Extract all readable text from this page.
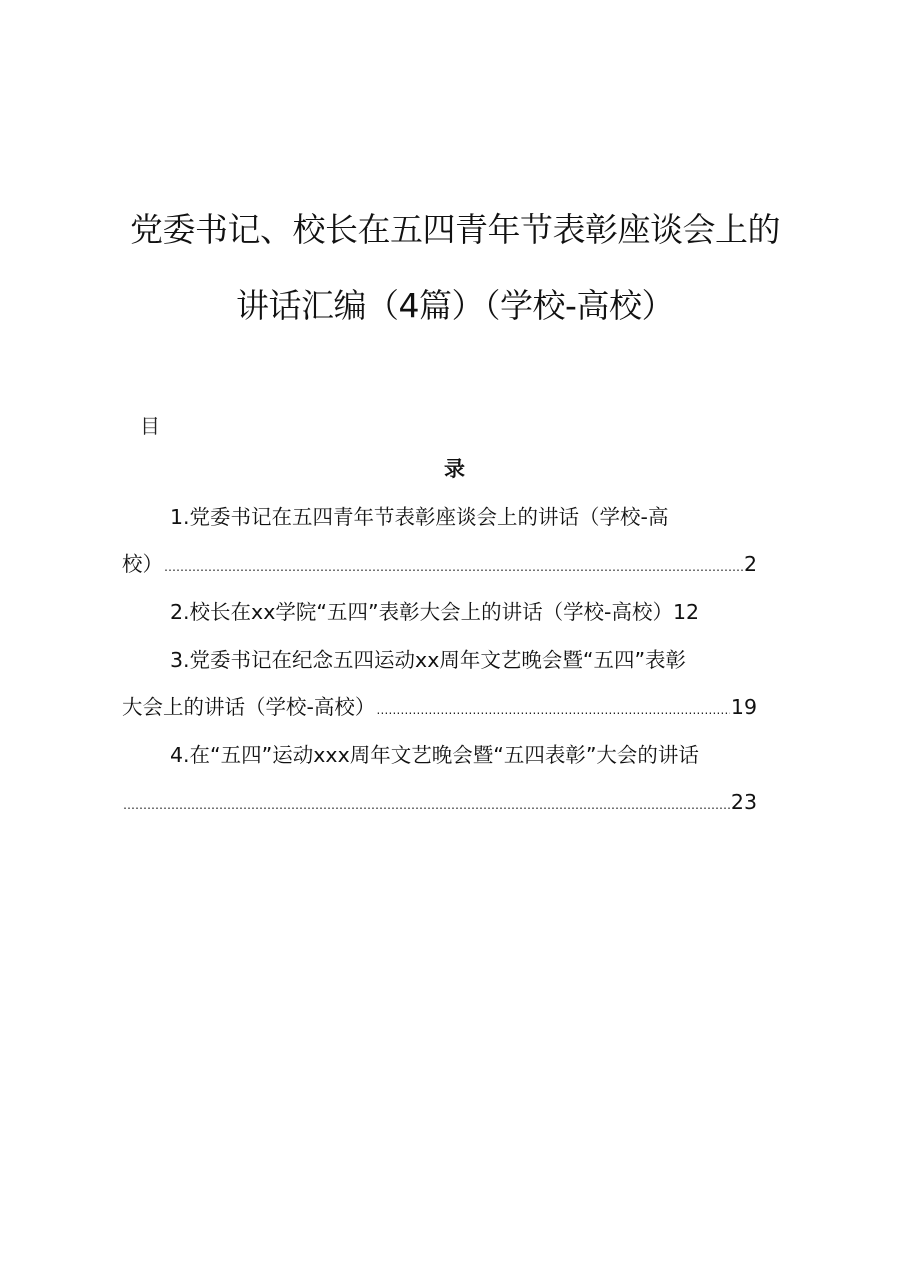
党委书记、校长在五四青年节表彰座谈会上的
讲话汇编（4篇）（学校-高校）
目
录
1.党委书记在五四青年节表彰座谈会上的讲话（学校-高
校） …………………………………………………………………………………………………………………………………………………………………………………………………………………………	2
2.校长在xx学院“五四”表彰大会上的讲话（学校-高校） 12
3.党委书记在纪念五四运动xx周年文艺晚会暨“五四”表彰
大会上的讲话（学校-高校） …………………………………………………………………………………………………………………………………………………………………………………………………………………………	19
4.在“五四”运动xxx周年文艺晚会暨“五四表彰”大会的讲话
…………………………………………………………………………………………………………………………………………………………………………………………………………………………
23
